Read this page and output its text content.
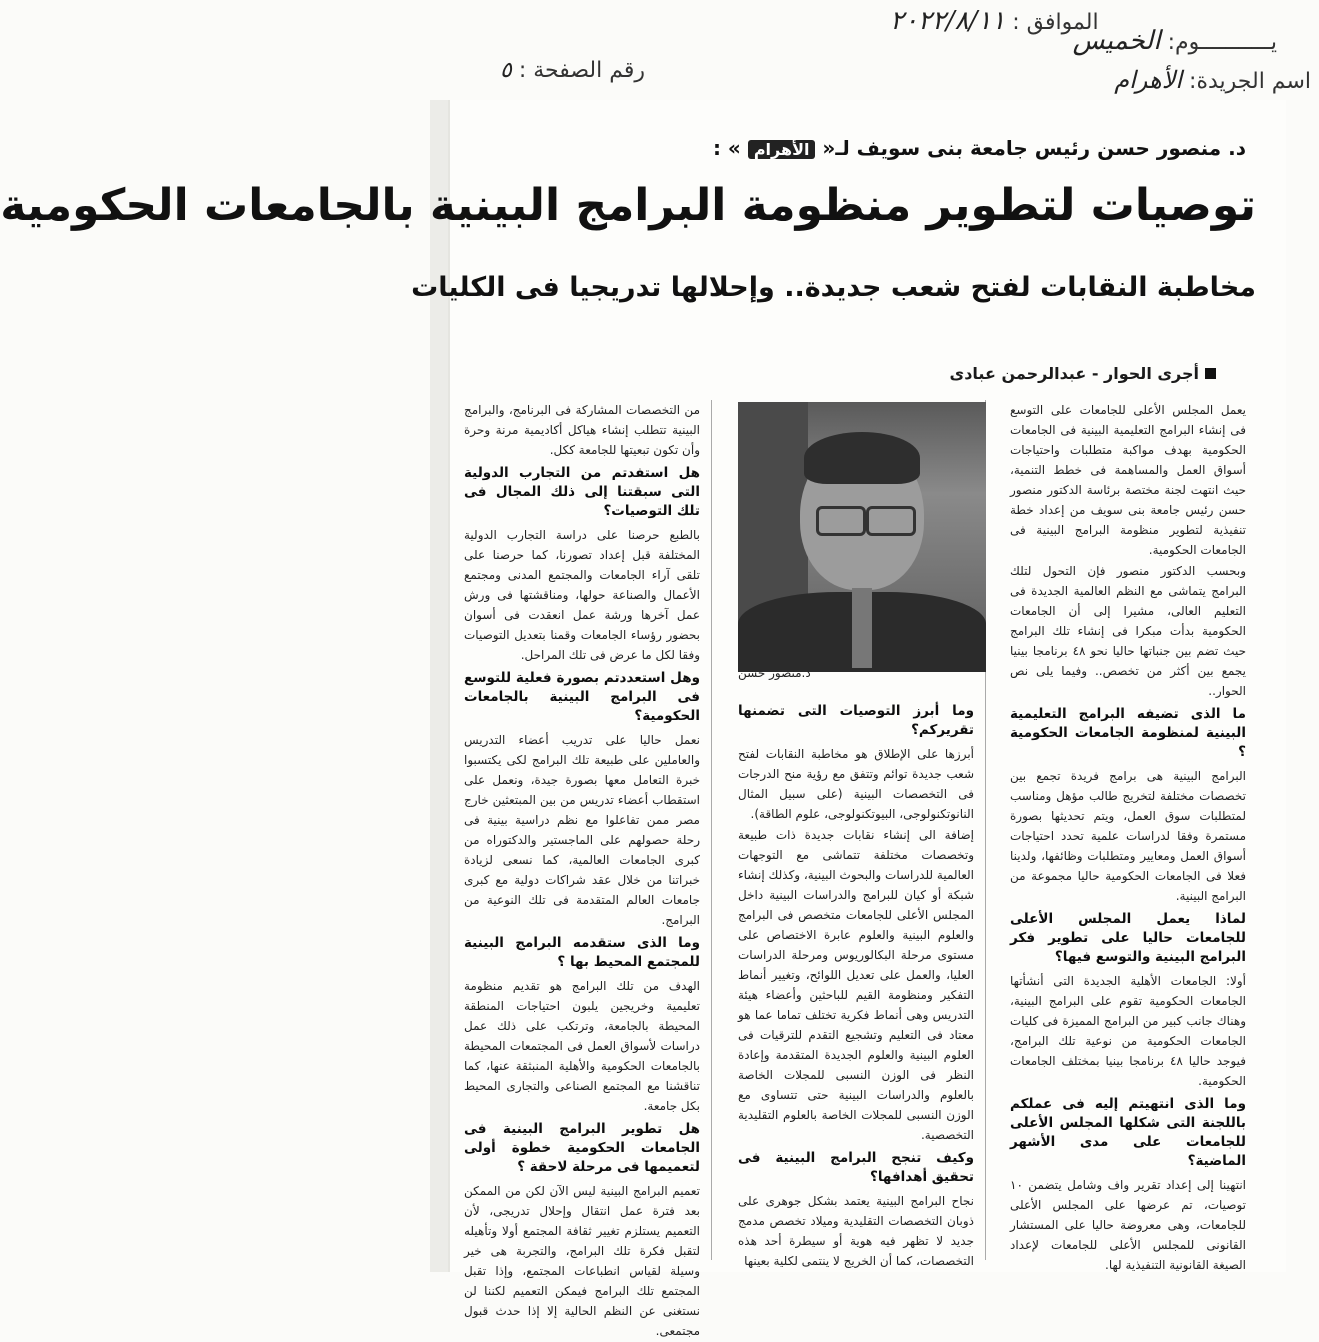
الموافق : ٢٠٢٢/٨/١١
رقم الصفحة : ٥
يـــــــــــوم: الخميس
اسم الجريدة: الأهرام
د. منصور حسن رئيس جامعة بنى سويف لـ« الأهرام » :
توصيات لتطوير منظومة البرامج البينية بالجامعات الحكومية
مخاطبة النقابات لفتح شعب جديدة.. وإحلالها تدريجيا فى الكليات
أجرى الحوار - عبدالرحمن عبادى
د.منصور حسن

يعمل المجلس الأعلى للجامعات على التوسع فى إنشاء البرامج التعليمية البينية فى الجامعات الحكومية بهدف مواكبة متطلبات واحتياجات أسواق العمل والمساهمة فى خطط التنمية، حيث انتهت لجنة مختصة برئاسة الدكتور منصور حسن رئيس جامعة بنى سويف من إعداد خطة تنفيذية لتطوير منظومة البرامج البينية فى الجامعات الحكومية.

وبحسب الدكتور منصور فإن التحول لتلك البرامج يتماشى مع النظم العالمية الجديدة فى التعليم العالى، مشيرا إلى أن الجامعات الحكومية بدأت مبكرا فى إنشاء تلك البرامج حيث تضم بين جنباتها حاليا نحو ٤٨ برنامجا بينيا يجمع بين أكثر من تخصص.. وفيما يلى نص الحوار..

ما الذى تضيفه البرامج التعليمية البينية لمنظومة الجامعات الحكومية ؟

البرامج البينية هى برامج فريدة تجمع بين تخصصات مختلفة لتخريج طالب مؤهل ومناسب لمتطلبات سوق العمل، ويتم تحديثها بصورة مستمرة وفقا لدراسات علمية تحدد احتياجات أسواق العمل ومعايير ومتطلبات وظائفها، ولدينا فعلا فى الجامعات الحكومية حاليا مجموعة من البرامج البينية.

لماذا يعمل المجلس الأعلى للجامعات حاليا على تطوير فكر البرامج البينية والتوسع فيها؟

أولا: الجامعات الأهلية الجديدة التى أنشأتها الجامعات الحكومية تقوم على البرامج البينية، وهناك جانب كبير من البرامج المميزة فى كليات الجامعات الحكومية من نوعية تلك البرامج، فيوجد حاليا ٤٨ برنامجا بينيا بمختلف الجامعات الحكومية.

وما الذى انتهيتم إليه فى عملكم باللجنة التى شكلها المجلس الأعلى للجامعات على مدى الأشهر الماضية؟

انتهينا إلى إعداد تقرير واف وشامل يتضمن ١٠ توصيات، تم عرضها على المجلس الأعلى للجامعات، وهى معروضة حاليا على المستشار القانونى للمجلس الأعلى للجامعات لإعداد الصيغة القانونية التنفيذية لها.

وما أبرز التوصيات التى تضمنها تقريركم؟

أبرزها على الإطلاق هو مخاطبة النقابات لفتح شعب جديدة توائم وتتفق مع رؤية منح الدرجات فى التخصصات البينية (على سبيل المثال النانوتكنولوجى، البيوتكنولوجى، علوم الطاقة).

إضافة الى إنشاء نقابات جديدة ذات طبيعة وتخصصات مختلفة تتماشى مع التوجهات العالمية للدراسات والبحوث البينية، وكذلك إنشاء شبكة أو كيان للبرامج والدراسات البينية داخل المجلس الأعلى للجامعات متخصص فى البرامج والعلوم البينية والعلوم عابرة الاختصاص على مستوى مرحلة البكالوريوس ومرحلة الدراسات العليا، والعمل على تعديل اللوائح، وتغيير أنماط التفكير ومنظومة القيم للباحثين وأعضاء هيئة التدريس وهى أنماط فكرية تختلف تماما عما هو معتاد فى التعليم وتشجيع التقدم للترقيات فى العلوم البينية والعلوم الجديدة المتقدمة وإعادة النظر فى الوزن النسبى للمجلات الخاصة بالعلوم والدراسات البينية حتى تتساوى مع الوزن النسبى للمجلات الخاصة بالعلوم التقليدية التخصصية.

وكيف تنجح البرامج البينية فى تحقيق أهدافها؟

نجاح البرامج البينية يعتمد بشكل جوهرى على ذوبان التخصصات التقليدية وميلاد تخصص مدمج جديد لا تظهر فيه هوية أو سيطرة أحد هذه التخصصات، كما أن الخريج لا ينتمى لكلية بعينها

من التخصصات المشاركة فى البرنامج، والبرامج البينية تتطلب إنشاء هياكل أكاديمية مرنة وحرة وأن تكون تبعيتها للجامعة ككل.

هل استفدتم من التجارب الدولية التى سبقتنا إلى ذلك المجال فى تلك التوصيات؟

بالطبع حرصنا على دراسة التجارب الدولية المختلفة قبل إعداد تصورنا، كما حرصنا على تلقى آراء الجامعات والمجتمع المدنى ومجتمع الأعمال والصناعة حولها، ومناقشتها فى ورش عمل آخرها ورشة عمل انعقدت فى أسوان بحضور رؤساء الجامعات وقمنا بتعديل التوصيات وفقا لكل ما عرض فى تلك المراحل.

وهل استعددتم بصورة فعلية للتوسع فى البرامج البينية بالجامعات الحكومية؟

نعمل حاليا على تدريب أعضاء التدريس والعاملين على طبيعة تلك البرامج لكى يكتسبوا خبرة التعامل معها بصورة جيدة، ونعمل على استقطاب أعضاء تدريس من بين المبتعثين خارج مصر ممن تفاعلوا مع نظم دراسية بينية فى رحلة حصولهم على الماجستير والدكتوراه من كبرى الجامعات العالمية، كما نسعى لزيادة خبراتنا من خلال عقد شراكات دولية مع كبرى جامعات العالم المتقدمة فى تلك النوعية من البرامج.

وما الذى ستقدمه البرامج البينية للمجتمع المحيط بها ؟

الهدف من تلك البرامج هو تقديم منظومة تعليمية وخريجين يلبون احتياجات المنطقة المحيطة بالجامعة، وترتكب على ذلك عمل دراسات لأسواق العمل فى المجتمعات المحيطة بالجامعات الحكومية والأهلية المنبثقة عنها، كما تناقشنا مع المجتمع الصناعى والتجارى المحيط بكل جامعة.

هل تطوير البرامج البينية فى الجامعات الحكومية خطوة أولى لتعميمها فى مرحلة لاحقة ؟

تعميم البرامج البينية ليس الآن لكن من الممكن بعد فترة عمل انتقال وإحلال تدريجى، لأن التعميم يستلزم تغيير ثقافة المجتمع أولا وتأهيله لتقبل فكرة تلك البرامج، والتجربة هى خير وسيلة لقياس انطباعات المجتمع، وإذا تقبل المجتمع تلك البرامج فيمكن التعميم لكننا لن نستغنى عن النظم الحالية إلا إذا حدث قبول مجتمعى.
